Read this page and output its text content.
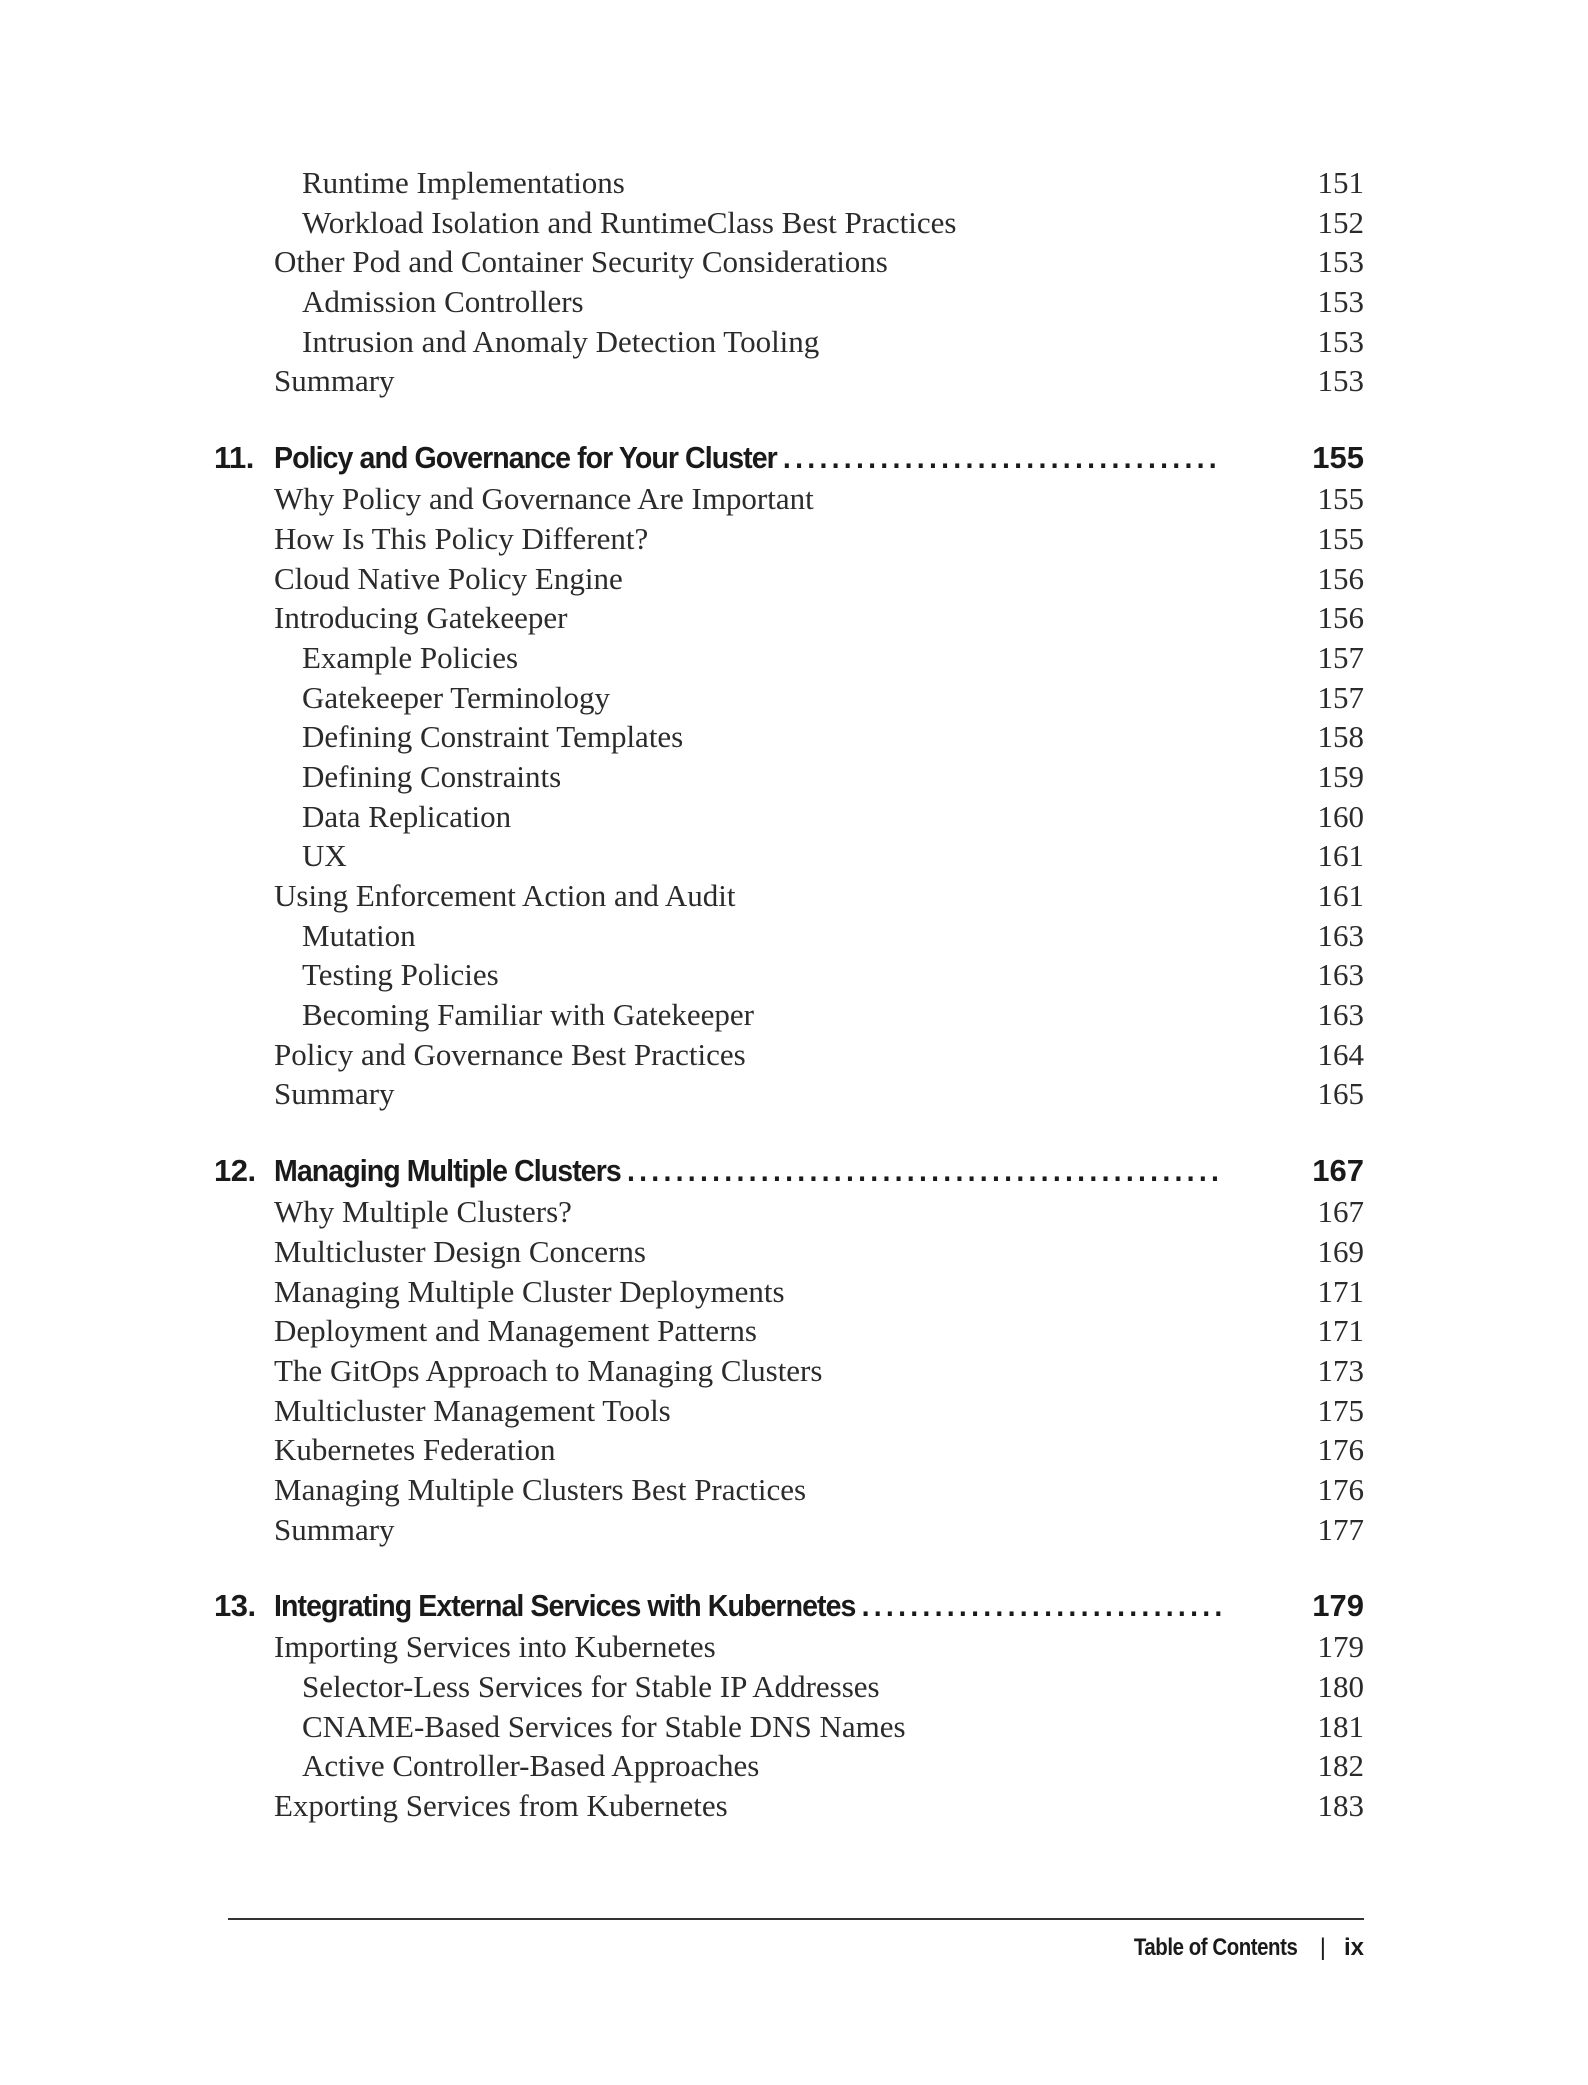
Runtime Implementations	151
Workload Isolation and RuntimeClass Best Practices	152
Other Pod and Container Security Considerations	153
Admission Controllers	153
Intrusion and Anomaly Detection Tooling	153
Summary	153
11. Policy and Governance for Your Cluster . . .	155
Why Policy and Governance Are Important	155
How Is This Policy Different?	155
Cloud Native Policy Engine	156
Introducing Gatekeeper	156
Example Policies	157
Gatekeeper Terminology	157
Defining Constraint Templates	158
Defining Constraints	159
Data Replication	160
UX	161
Using Enforcement Action and Audit	161
Mutation	163
Testing Policies	163
Becoming Familiar with Gatekeeper	163
Policy and Governance Best Practices	164
Summary	165
12. Managing Multiple Clusters . . .	167
Why Multiple Clusters?	167
Multicluster Design Concerns	169
Managing Multiple Cluster Deployments	171
Deployment and Management Patterns	171
The GitOps Approach to Managing Clusters	173
Multicluster Management Tools	175
Kubernetes Federation	176
Managing Multiple Clusters Best Practices	176
Summary	177
13. Integrating External Services with Kubernetes . . .	179
Importing Services into Kubernetes	179
Selector-Less Services for Stable IP Addresses	180
CNAME-Based Services for Stable DNS Names	181
Active Controller-Based Approaches	182
Exporting Services from Kubernetes	183
Table of Contents | ix
